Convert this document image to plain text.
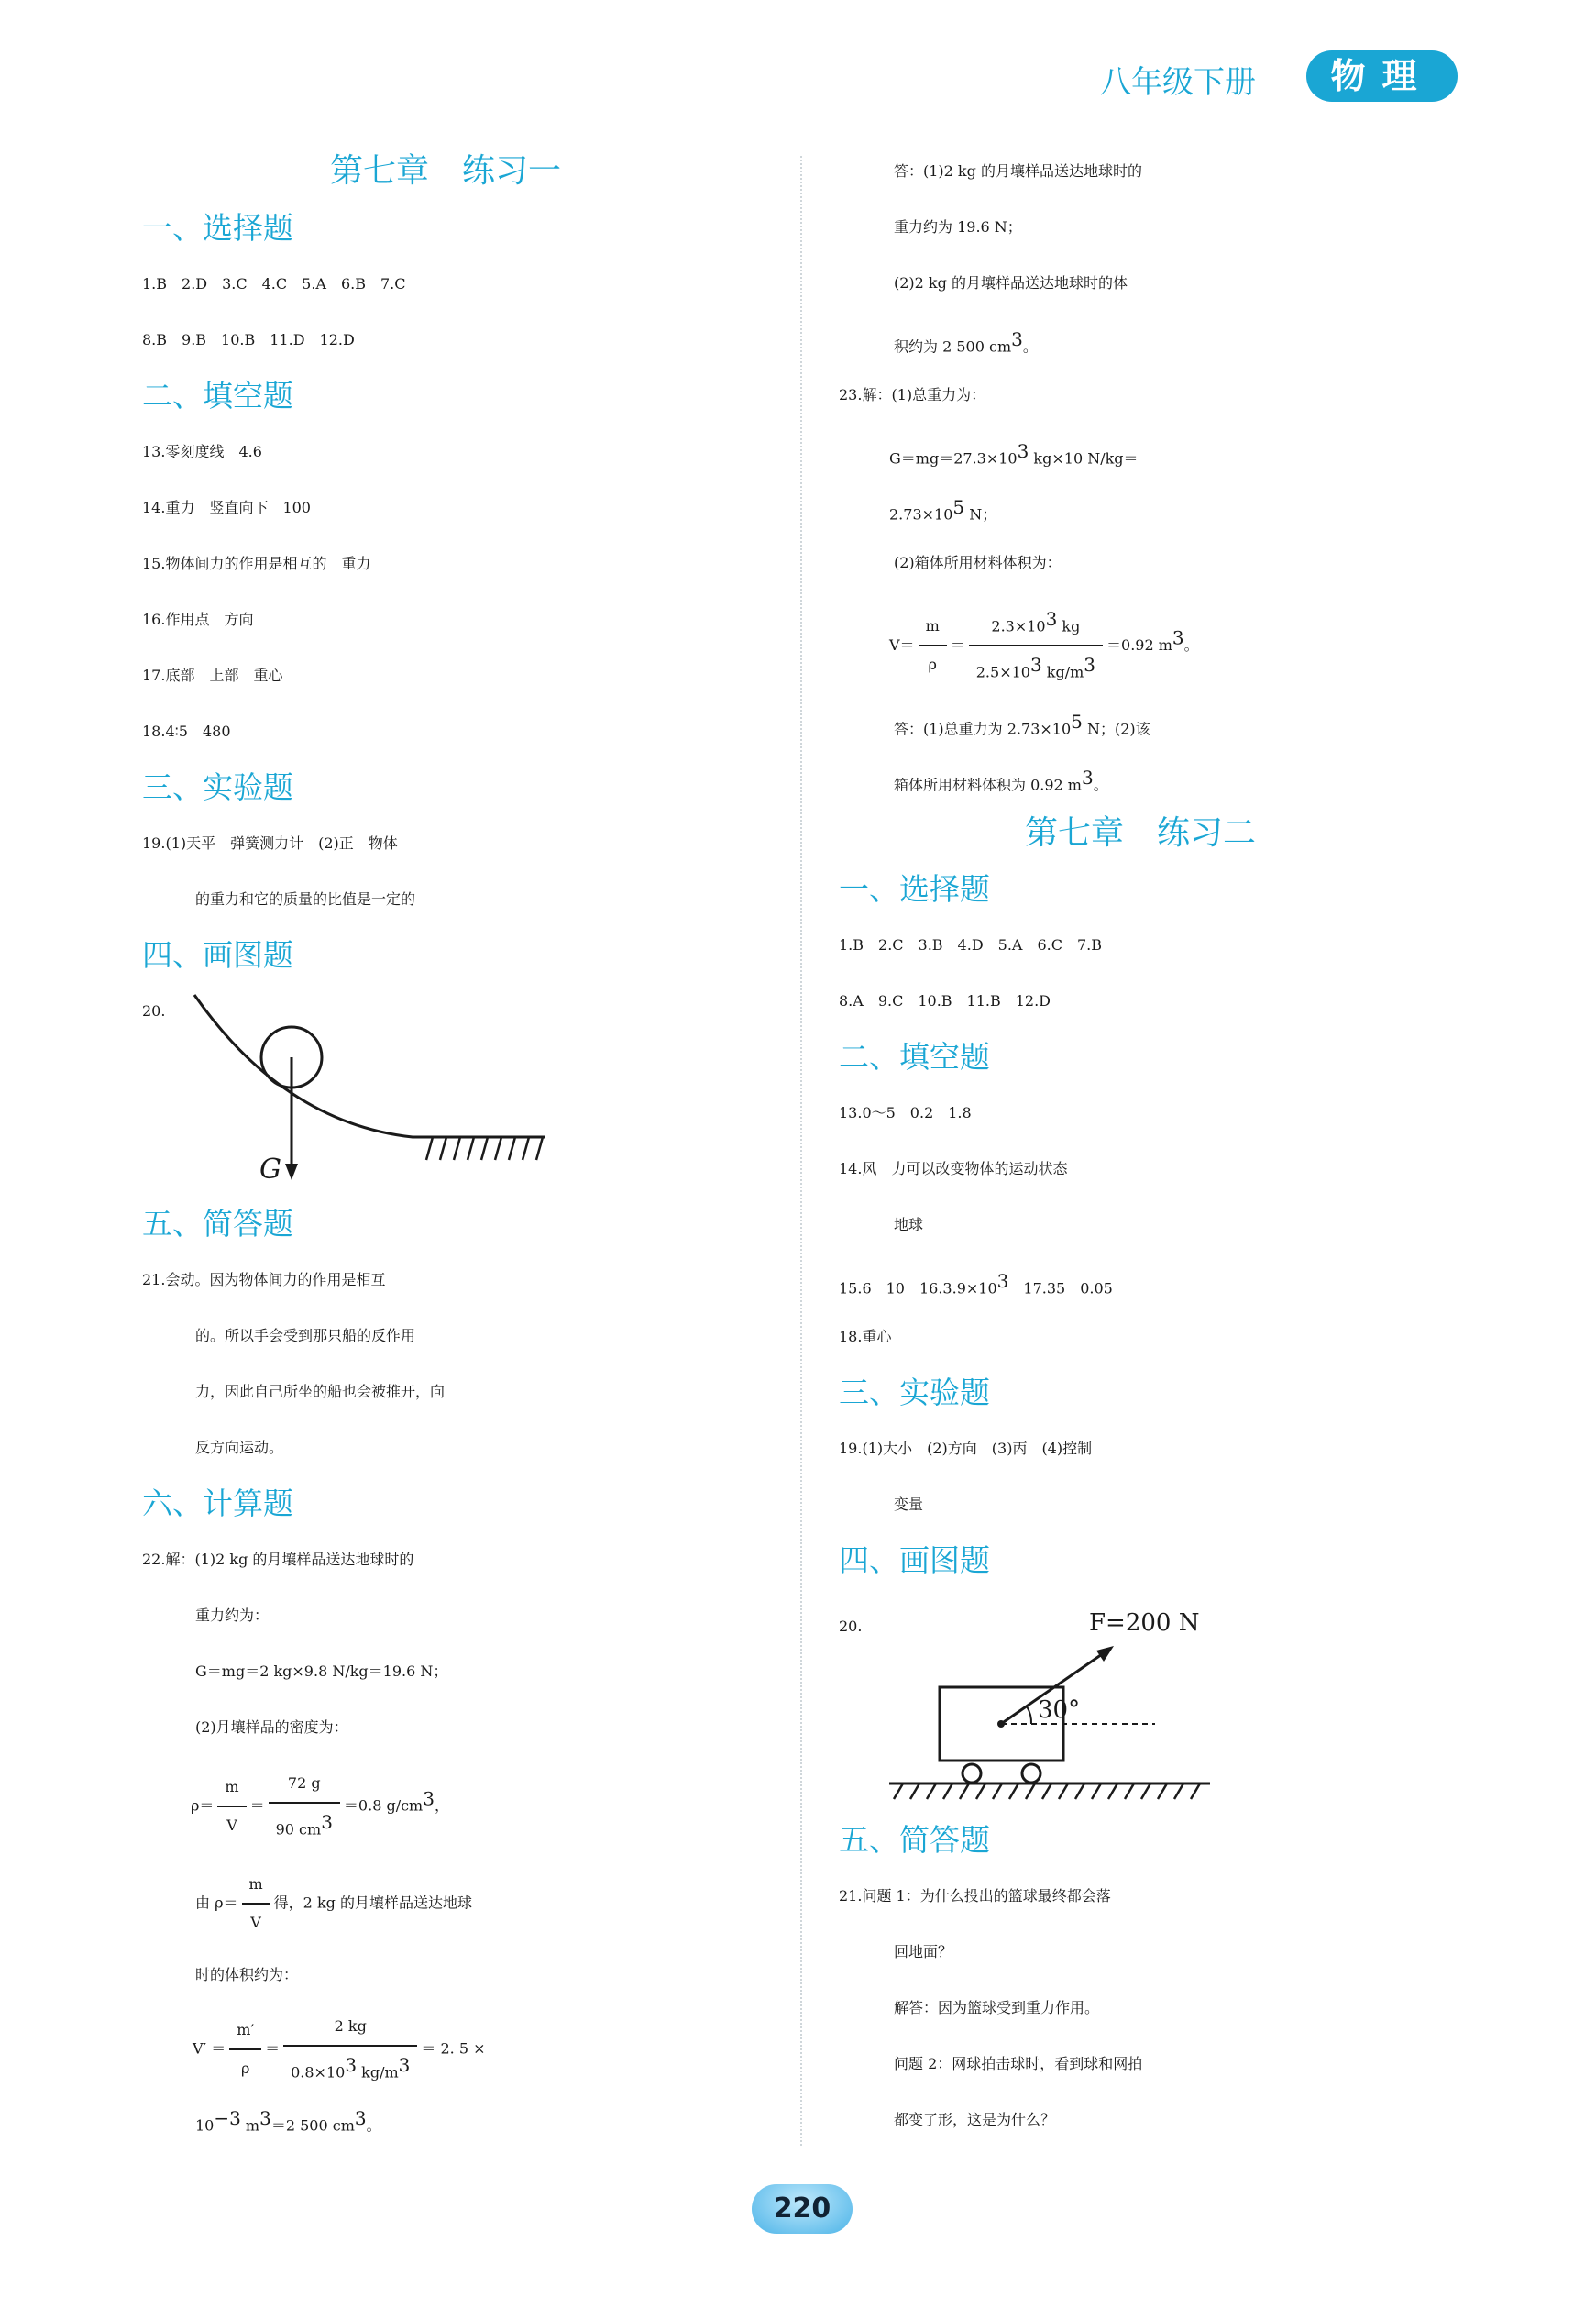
八年级下册	物理
第七章　练习一
一、选择题
1.B　2.D　3.C　4.C　5.A　6.B　7.C
8.B　9.B　10.B　11.D　12.D
二、填空题
13.零刻度线　4.6
14.重力　竖直向下　100
15.物体间力的作用是相互的　重力
16.作用点　方向
17.底部　上部　重心
18.4∶5　480
三、实验题
19.(1)天平　弹簧测力计　(2)正　物体
的重力和它的质量的比值是一定的
四、画图题
20.
G
五、简答题
21.会动。因为物体间力的作用是相互
的。所以手会受到那只船的反作用
力，因此自己所坐的船也会被推开，向
反方向运动。
六、计算题
22.解：(1)2 kg 的月壤样品送达地球时的
重力约为：
G＝mg＝2 kg×9.8 N/kg＝19.6 N；
(2)月壤样品的密度为：
$\rho= \frac{m}{V} = \frac{72 g}{90 cm^3} =0.8$ $g/cm^3$，
由 $\rho= \frac{m}{V}$ 得，2 kg 的月壤样品送达地球
时的体积约为：
$V' = \frac{m'}{\rho} = \frac{2 kg}{0.8\times 10^3 kg/m^3} = 2$. 5 ×
$10^{-3}$ $m^3=2$ 500 $cm^3$。
答：(1)2 kg 的月壤样品送达地球时的
重力约为 19.6 N；
(2)2 kg 的月壤样品送达地球时的体
积约为 2 500 $cm^3$。
23.解：(1)总重力为：
$G=mg=27.3\times 10^3$ kg×10 N/kg＝
$2.73\times 10^5$ N；
(2)箱体所用材料体积为：
$V= \frac{m}{\rho} = \frac{2.3\times 10^3 kg}{2.5\times 10^3 kg/m^3} =0.92$ $m^3$。
答：(1)总重力为 $2.73\times 10^5$ N；(2)该
箱体所用材料体积为 0.92 $m^3$。
第七章　练习二
一、选择题
1.B　2.C　3.B　4.D　5.A　6.C　7.B
8.A　9.C　10.B　11.B　12.D
二、填空题
13.0～5　0.2　1.8
14.风　力可以改变物体的运动状态
地球
15.6　10　$16.3.9\times 10^3$　17.35　0.05
18.重心
三、实验题
19.(1)大小　(2)方向　(3)丙　(4)控制
变量
四、画图题
20.
30°
F=200 N
五、简答题
21.问题 1：为什么投出的篮球最终都会落
回地面？
解答：因为篮球受到重力作用。
问题 2：网球拍击球时，看到球和网拍
都变了形，这是为什么？
220
